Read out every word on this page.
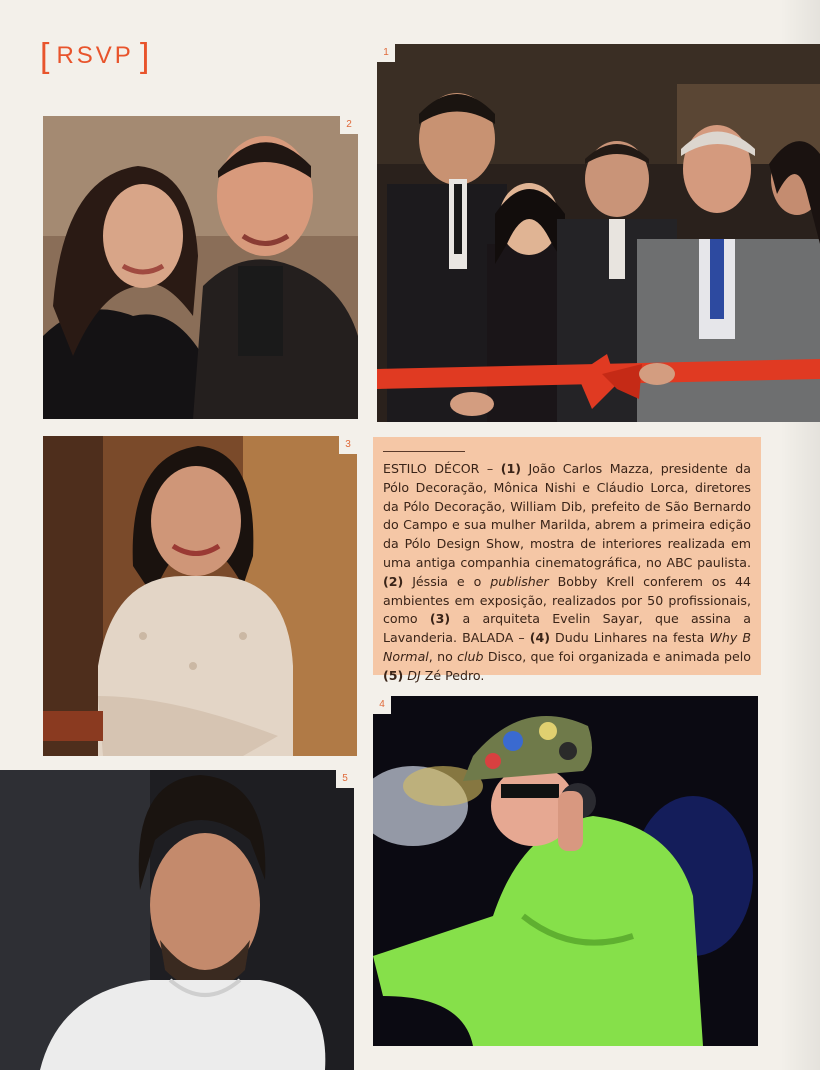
[ RSVP ]	1
2
3

ESTILO DÉCOR – (1) João Carlos Mazza, presidente da Pólo Decoração, Mônica Nishi e Cláudio Lorca, diretores da Pólo Decoração, William Dib, prefeito de São Bernardo do Campo e sua mulher Marilda, abrem a primeira edição da Pólo Design Show, mostra de interiores realizada em uma antiga companhia cinematográfica, no ABC paulista. (2) Jéssia e o publisher Bobby Krell conferem os 44 ambientes em exposição, realizados por 50 profissionais, como (3) a arquiteta Evelin Sayar, que assina a Lavanderia. BALADA – (4) Dudu Linhares na festa Why B Normal, no club Disco, que foi organizada e animada pelo (5) DJ Zé Pedro.

4
5
